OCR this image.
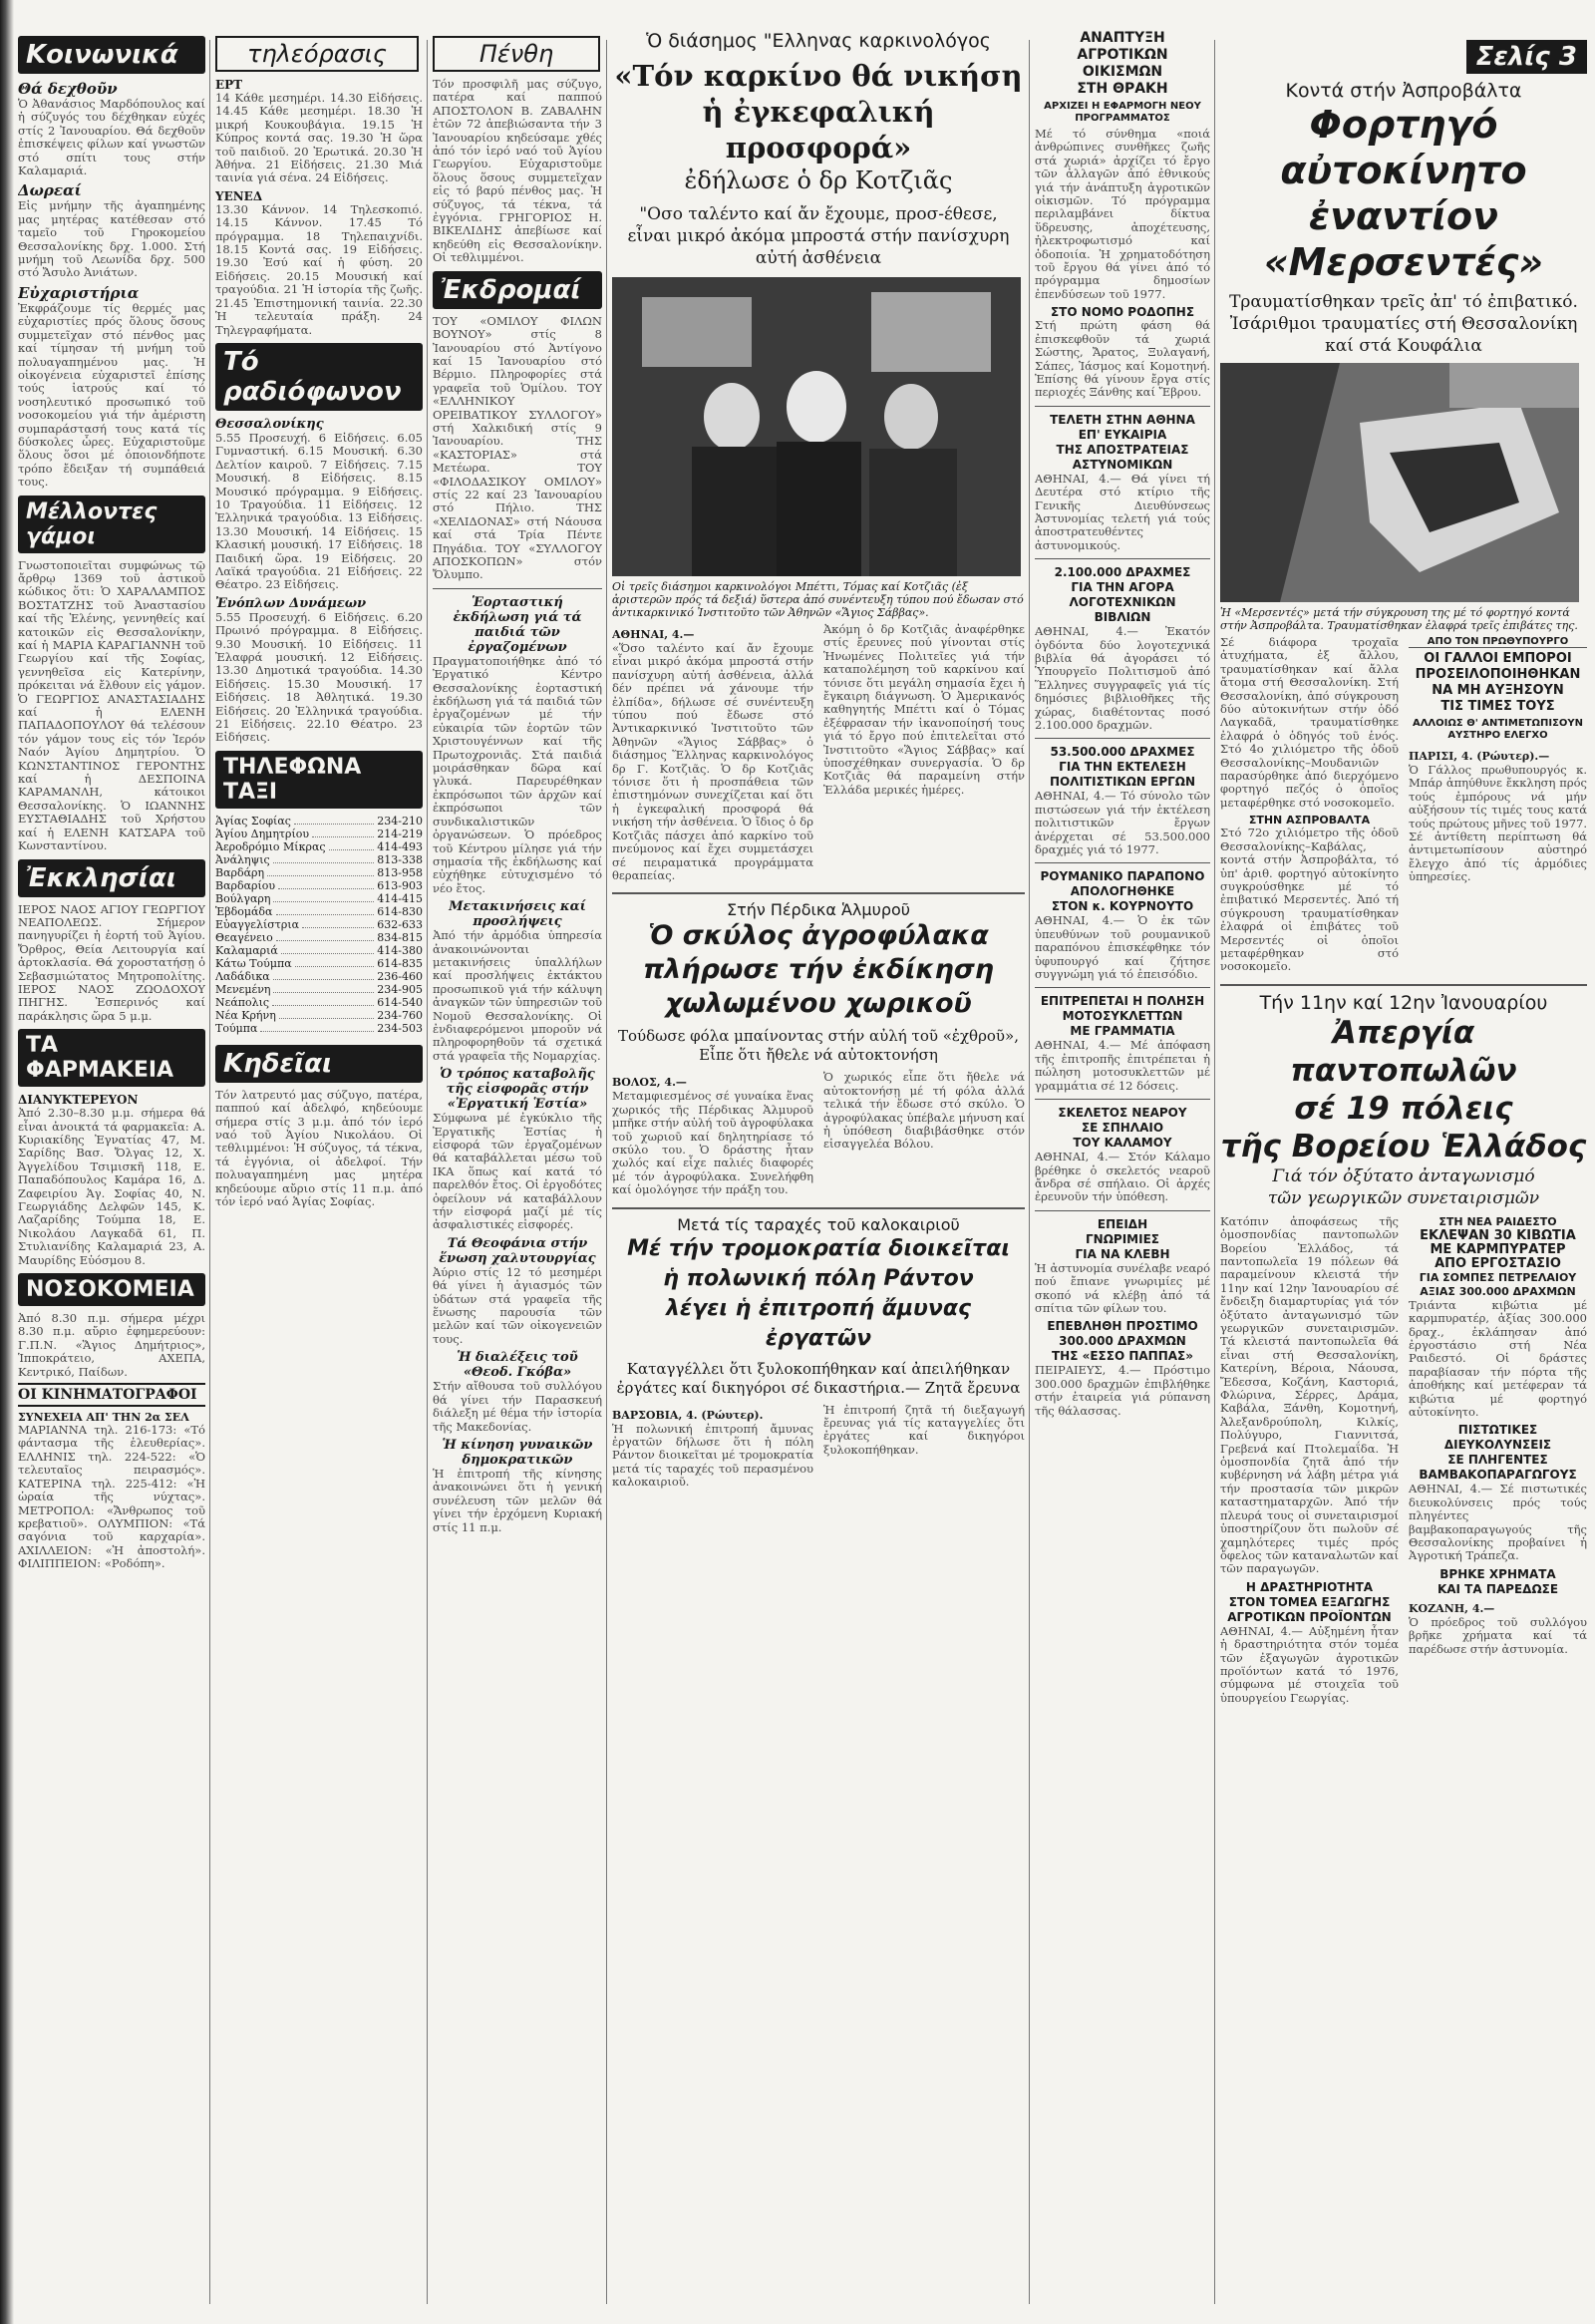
Κοινωνικά
Θά δεχθοῦν

Ὁ Ἀθανάσιος Μαρδόπουλος καί ἡ σύζυγός του δέχθηκαν εὐχές στίς 2 Ἰανουαρίου. Θά δεχθοῦν ἐπισκέψεις φίλων καί γνωστῶν στό σπίτι τους στήν Καλαμαριά.

Δωρεαί

Εἰς μνήμην τῆς ἀγαπημένης μας μητέρας κατέθεσαν στό ταμεῖο τοῦ Γηροκομείου Θεσσαλονίκης δρχ. 1.000. Στή μνήμη τοῦ Λεωνίδα δρχ. 500 στό Ἄσυλο Ἀνιάτων.

Εὐχαριστήρια

Ἐκφράζουμε τίς θερμές μας εὐχαριστίες πρός ὅλους ὅσους συμμετεῖχαν στό πένθος μας καί τίμησαν τή μνήμη τοῦ πολυαγαπημένου μας. Ἡ οἰκογένεια εὐχαριστεῖ ἐπίσης τούς ἰατρούς καί τό νοσηλευτικό προσωπικό τοῦ νοσοκομείου γιά τήν ἀμέριστη συμπαράστασή τους κατά τίς δύσκολες ὧρες. Εὐχαριστοῦμε ὅλους ὅσοι μέ ὁποιονδήποτε τρόπο ἔδειξαν τή συμπάθειά τους.

Μέλλοντες γάμοι

Γνωστοποιεῖται συμφώνως τῷ ἄρθρῳ 1369 τοῦ ἀστικοῦ κώδικος ὅτι: Ὁ ΧΑΡΑΛΑΜΠΟΣ ΒΟΣΤΑΤΖΗΣ τοῦ Ἀναστασίου καί τῆς Ἑλένης, γεννηθείς καί κατοικῶν εἰς Θεσσαλονίκην, καί ἡ ΜΑΡΙΑ ΚΑΡΑΓΙΑΝΝΗ τοῦ Γεωργίου καί τῆς Σοφίας, γεννηθεῖσα εἰς Κατερίνην, πρόκειται νά ἔλθουν εἰς γάμον. Ὁ ΓΕΩΡΓΙΟΣ ΑΝΑΣΤΑΣΙΑΔΗΣ καί ἡ ΕΛΕΝΗ ΠΑΠΑΔΟΠΟΥΛΟΥ θά τελέσουν τόν γάμον τους εἰς τόν Ἱερόν Ναόν Ἁγίου Δημητρίου. Ὁ ΚΩΝΣΤΑΝΤΙΝΟΣ ΓΕΡΟΝΤΗΣ καί ἡ ΔΕΣΠΟΙΝΑ ΚΑΡΑΜΑΝΛΗ, κάτοικοι Θεσσαλονίκης. Ὁ ΙΩΑΝΝΗΣ ΕΥΣΤΑΘΙΑΔΗΣ τοῦ Χρήστου καί ἡ ΕΛΕΝΗ ΚΑΤΣΑΡΑ τοῦ Κωνσταντίνου.

Ἐκκλησίαι

ΙΕΡΟΣ ΝΑΟΣ ΑΓΙΟΥ ΓΕΩΡΓΙΟΥ ΝΕΑΠΟΛΕΩΣ. Σήμερον πανηγυρίζει ἡ ἑορτή τοῦ Ἁγίου. Ὄρθρος, Θεία Λειτουργία καί ἀρτοκλασία. Θά χοροστατήσῃ ὁ Σεβασμιώτατος Μητροπολίτης. ΙΕΡΟΣ ΝΑΟΣ ΖΩΟΔΟΧΟΥ ΠΗΓΗΣ. Ἐσπερινός καί παράκλησις ὥρα 5 μ.μ.

ΤΑ ΦΑΡΜΑΚΕΙΑ
ΔΙΑΝΥΚΤΕΡΕΥΟΝ

Ἀπό 2.30–8.30 μ.μ. σήμερα θά εἶναι ἀνοικτά τά φαρμακεῖα: Α. Κυριακίδης Ἐγνατίας 47, Μ. Σαρίδης Βασ. Ὄλγας 12, Χ. Ἀγγελίδου Τσιμισκῆ 118, Ε. Παπαδόπουλος Καμάρα 16, Δ. Ζαφειρίου Ἁγ. Σοφίας 40, Ν. Γεωργιάδης Δελφῶν 145, Κ. Λαζαρίδης Τούμπα 18, Ε. Νικολάου Λαγκαδᾶ 61, Π. Στυλιανίδης Καλαμαριά 23, Α. Μαυρίδης Εὐόσμου 8.

ΝΟΣΟΚΟΜΕΙΑ

Ἀπό 8.30 π.μ. σήμερα μέχρι 8.30 π.μ. αὔριο ἐφημερεύουν: Γ.Π.Ν. «Ἅγιος Δημήτριος», Ἱπποκράτειο, ΑΧΕΠΑ, Κεντρικό, Παίδων.

ΟΙ ΚΙΝΗΜΑΤΟΓΡΑΦΟΙ
ΣΥΝΕΧΕΙΑ ΑΠ' ΤΗΝ 2α ΣΕΛ

ΜΑΡΙΑΝΝΑ τηλ. 216-173: «Τό φάντασμα τῆς ἐλευθερίας». ΕΛΛΗΝΙΣ τηλ. 224-522: «Ὁ τελευταῖος πειρασμός». ΚΑΤΕΡΙΝΑ τηλ. 225-412: «Ἡ ὡραία τῆς νύχτας». ΜΕΤΡΟΠΟΛ: «Ἄνθρωπος τοῦ κρεβατιοῦ». ΟΛΥΜΠΙΟΝ: «Τά σαγόνια τοῦ καρχαρία». ΑΧΙΛΛΕΙΟΝ: «Ἡ ἀποστολή». ΦΙΛΙΠΠΕΙΟΝ: «Ροδόπη».

τηλεόρασις
ΕΡΤ

14 Κάθε μεσημέρι. 14.30 Εἰδήσεις. 14.45 Κάθε μεσημέρι. 18.30 Ἡ μικρή Κουκουβάγια. 19.15 Ἡ Κύπρος κοντά σας. 19.30 Ἡ ὥρα τοῦ παιδιοῦ. 20 Ἐρωτικά. 20.30 Ἡ Ἀθήνα. 21 Εἰδήσεις. 21.30 Μιά ταινία γιά σένα. 24 Εἰδήσεις.

ΥΕΝΕΔ

13.30 Κάννον. 14 Τηλεσκοπιό. 14.15 Κάννον. 17.45 Τό πρόγραμμα. 18 Τηλεπαιχνίδι. 18.15 Κοντά σας. 19 Εἰδήσεις. 19.30 Ἐσύ καί ἡ φύση. 20 Εἰδήσεις. 20.15 Μουσική καί τραγούδια. 21 Ἡ ἱστορία τῆς ζωῆς. 21.45 Ἐπιστημονική ταινία. 22.30 Ἡ τελευταία πράξη. 24 Τηλεγραφήματα.

Τό ραδιόφωνον
Θεσσαλονίκης

5.55 Προσευχή. 6 Εἰδήσεις. 6.05 Γυμναστική. 6.15 Μουσική. 6.30 Δελτίον καιροῦ. 7 Εἰδήσεις. 7.15 Μουσική. 8 Εἰδήσεις. 8.15 Μουσικό πρόγραμμα. 9 Εἰδήσεις. 10 Τραγούδια. 11 Εἰδήσεις. 12 Ἐλληνικά τραγούδια. 13 Εἰδήσεις. 13.30 Μουσική. 14 Εἰδήσεις. 15 Κλασική μουσική. 17 Εἰδήσεις. 18 Παιδική ὥρα. 19 Εἰδήσεις. 20 Λαϊκά τραγούδια. 21 Εἰδήσεις. 22 Θέατρο. 23 Εἰδήσεις.

Ἐνόπλων Δυνάμεων

5.55 Προσευχή. 6 Εἰδήσεις. 6.20 Πρωινό πρόγραμμα. 8 Εἰδήσεις. 9.30 Μουσική. 10 Εἰδήσεις. 11 Ἐλαφρά μουσική. 12 Εἰδήσεις. 13.30 Δημοτικά τραγούδια. 14.30 Εἰδήσεις. 15.30 Μουσική. 17 Εἰδήσεις. 18 Ἀθλητικά. 19.30 Εἰδήσεις. 20 Ἐλληνικά τραγούδια. 21 Εἰδήσεις. 22.10 Θέατρο. 23 Εἰδήσεις.

ΤΗΛΕΦΩΝΑ ΤΑΞΙ
Ἁγίας Σοφίας	234-210
Ἁγίου Δημητρίου	214-219
Ἀεροδρόμιο Μίκρας	414-493
Ἀνάληψις	813-338
Βαρδάρη	813-958
Βαρδαρίου	613-903
Βούλγαρη	414-415
Ἑβδομάδα	614-830
Εὐαγγελίστρια	632-633
Θεαγένειο	834-815
Καλαμαριά	414-380
Κάτω Τούμπα	614-835
Λαδάδικα	236-460
Μενεμένη	234-905
Νεάπολις	614-540
Νέα Κρήνη	234-760
Τούμπα	234-503
Κηδεῖαι

Τόν λατρευτό μας σύζυγο, πατέρα, παππού καί ἀδελφό, κηδεύουμε σήμερα στίς 3 μ.μ. ἀπό τόν ἱερό ναό τοῦ Ἁγίου Νικολάου. Οἱ τεθλιμμένοι: Ἡ σύζυγος, τά τέκνα, τά ἐγγόνια, οἱ ἀδελφοί. Τήν πολυαγαπημένη μας μητέρα κηδεύουμε αὔριο στίς 11 π.μ. ἀπό τόν ἱερό ναό Ἁγίας Σοφίας.

Πένθη

Τόν προσφιλῆ μας σύζυγο, πατέρα καί παππού ΑΠΟΣΤΟΛΟΝ Β. ΖΑΒΑΛΗΝ ἐτῶν 72 ἀπεβιώσαντα τήν 3 Ἰανουαρίου κηδεύσαμε χθές ἀπό τόν ἱερό ναό τοῦ Ἁγίου Γεωργίου. Εὐχαριστοῦμε ὅλους ὅσους συμμετεῖχαν εἰς τό βαρύ πένθος μας. Ἡ σύζυγος, τά τέκνα, τά ἐγγόνια. ΓΡΗΓΟΡΙΟΣ Η. ΒΙΚΕΛΙΔΗΣ ἀπεβίωσε καί κηδεύθη εἰς Θεσσαλονίκην. Οἱ τεθλιμμένοι.

Ἐκδρομαί

ΤΟΥ «ΟΜΙΛΟΥ ΦΙΛΩΝ ΒΟΥΝΟΥ» στίς 8 Ἰανουαρίου στό Ἀντίγονο καί 15 Ἰανουαρίου στό Βέρμιο. Πληροφορίες στά γραφεῖα τοῦ Ὁμίλου. ΤΟΥ «ΕΛΛΗΝΙΚΟΥ ΟΡΕΙΒΑΤΙΚΟΥ ΣΥΛΛΟΓΟΥ» στή Χαλκιδική στίς 9 Ἰανουαρίου. ΤΗΣ «ΚΑΣΤΟΡΙΑΣ» στά Μετέωρα. ΤΟΥ «ΦΙΛΟΔΑΣΙΚΟΥ ΟΜΙΛΟΥ» στίς 22 καί 23 Ἰανουαρίου στό Πήλιο. ΤΗΣ «ΧΕΛΙΔΟΝΑΣ» στή Νάουσα καί στά Τρία Πέντε Πηγάδια. ΤΟΥ «ΣΥΛΛΟΓΟΥ ΑΠΟΣΚΟΠΩΝ» στόν Ὄλυμπο.

Ἑορταστική ἐκδήλωση γιά τά παιδιά τῶν ἐργαζομένων

Πραγματοποιήθηκε ἀπό τό Ἐργατικό Κέντρο Θεσσαλονίκης ἑορταστική ἐκδήλωση γιά τά παιδιά τῶν ἐργαζομένων μέ τήν εὐκαιρία τῶν ἑορτῶν τῶν Χριστουγέννων καί τῆς Πρωτοχρονιᾶς. Στά παιδιά μοιράσθηκαν δῶρα καί γλυκά. Παρευρέθηκαν ἐκπρόσωποι τῶν ἀρχῶν καί ἐκπρόσωποι τῶν συνδικαλιστικῶν ὀργανώσεων. Ὁ πρόεδρος τοῦ Κέντρου μίλησε γιά τήν σημασία τῆς ἐκδήλωσης καί εὐχήθηκε εὐτυχισμένο τό νέο ἔτος.

Μετακινήσεις καί προσλήψεις

Ἀπό τήν ἁρμόδια ὑπηρεσία ἀνακοινώνονται μετακινήσεις ὑπαλλήλων καί προσλήψεις ἐκτάκτου προσωπικοῦ γιά τήν κάλυψη ἀναγκῶν τῶν ὑπηρεσιῶν τοῦ Νομοῦ Θεσσαλονίκης. Οἱ ἐνδιαφερόμενοι μποροῦν νά πληροφορηθοῦν τά σχετικά στά γραφεῖα τῆς Νομαρχίας.

Ὁ τρόπος καταβολῆς τῆς εἰσφορᾶς στήν «Ἐργατική Ἑστία»

Σύμφωνα μέ ἐγκύκλιο τῆς Ἐργατικῆς Ἑστίας ἡ εἰσφορά τῶν ἐργαζομένων θά καταβάλλεται μέσω τοῦ ΙΚΑ ὅπως καί κατά τό παρελθόν ἔτος. Οἱ ἐργοδότες ὀφείλουν νά καταβάλλουν τήν εἰσφορά μαζί μέ τίς ἀσφαλιστικές εἰσφορές.

Τά Θεοφάνια στήν ἕνωση χαλυτουργίας

Ἀύριο στίς 12 τό μεσημέρι θά γίνει ἡ ἁγιασμός τῶν ὑδάτων στά γραφεῖα τῆς ἕνωσης παρουσία τῶν μελῶν καί τῶν οἰκογενειῶν τους.

Ἡ διαλέξεις τοῦ «Θεοδ. Γκόβα»

Στήν αἴθουσα τοῦ συλλόγου θά γίνει τήν Παρασκευή διάλεξη μέ θέμα τήν ἱστορία τῆς Μακεδονίας.

Ἡ κίνηση γυναικῶν δημοκρατικῶν

Ἡ ἐπιτροπή τῆς κίνησης ἀνακοινώνει ὅτι ἡ γενική συνέλευση τῶν μελῶν θά γίνει τήν ἐρχόμενη Κυριακή στίς 11 π.μ.

Ὁ διάσημος "Ελληνας καρκινολόγος
«Τόν καρκίνο θά νικήση
ἡ ἐγκεφαλική προσφορά»
ἐδήλωσε ὁ δρ Κοτζιᾶς
"Οσο ταλέντο καί ἄν ἔχουμε, προσ-έθεσε, εἶναι μικρό ἀκόμα μπροστά στήν πανίσχυρη αὐτή ἀσθένεια
Οἱ τρεῖς διάσημοι καρκινολόγοι Μπέττι, Τόμας καί Κοτζιᾶς (ἐξ ἀριστερῶν πρός τά δεξιά) ὕστερα ἀπό συνέντευξη τύπου πού ἔδωσαν στό ἀντικαρκινικό Ἰνστιτοῦτο τῶν Ἀθηνῶν «Ἅγιος Σάββας».
ΑΘΗΝΑΙ, 4.—

«Ὅσο ταλέντο καί ἄν ἔχουμε εἶναι μικρό ἀκόμα μπροστά στήν πανίσχυρη αὐτή ἀσθένεια, ἀλλά δέν πρέπει νά χάνουμε τήν ἐλπίδα», δήλωσε σέ συνέντευξη τύπου πού ἔδωσε στό Ἀντικαρκινικό Ἰνστιτοῦτο τῶν Ἀθηνῶν «Ἅγιος Σάββας» ὁ διάσημος Ἕλληνας καρκινολόγος δρ Γ. Κοτζιᾶς. Ὁ δρ Κοτζιᾶς τόνισε ὅτι ἡ προσπάθεια τῶν ἐπιστημόνων συνεχίζεται καί ὅτι ἡ ἐγκεφαλική προσφορά θά νικήση τήν ἀσθένεια. Ὁ ἴδιος ὁ δρ Κοτζιᾶς πάσχει ἀπό καρκίνο τοῦ πνεύμονος καί ἔχει συμμετάσχει σέ πειραματικά προγράμματα θεραπείας.

Ἀκόμη ὁ δρ Κοτζιᾶς ἀναφέρθηκε στίς ἔρευνες πού γίνονται στίς Ἡνωμένες Πολιτεῖες γιά τήν καταπολέμηση τοῦ καρκίνου καί τόνισε ὅτι μεγάλη σημασία ἔχει ἡ ἔγκαιρη διάγνωση. Ὁ Ἀμερικανός καθηγητής Μπέττι καί ὁ Τόμας ἐξέφρασαν τήν ἱκανοποίησή τους γιά τό ἔργο πού ἐπιτελεῖται στό Ἰνστιτοῦτο «Ἅγιος Σάββας» καί ὑποσχέθηκαν συνεργασία. Ὁ δρ Κοτζιᾶς θά παραμείνη στήν Ἑλλάδα μερικές ἡμέρες.

Στήν Πέρδικα Ἁλμυροῦ
Ὁ σκύλος ἀγροφύλακα
πλήρωσε τήν ἐκδίκηση
χωλωμένου χωρικοῦ
Τούδωσε φόλα μπαίνοντας στήν αὐλή τοῦ «ἐχθροῦ», Εἶπε ὅτι ἤθελε νά αὐτοκτονήση
ΒΟΛΟΣ, 4.—

Μεταμφιεσμένος σέ γυναίκα ἕνας χωρικός τῆς Πέρδικας Ἁλμυροῦ μπῆκε στήν αὐλή τοῦ ἀγροφύλακα τοῦ χωριοῦ καί δηλητηρίασε τό σκύλο του. Ὁ δράστης ἦταν χωλός καί εἶχε παλιές διαφορές μέ τόν ἀγροφύλακα. Συνελήφθη καί ὁμολόγησε τήν πράξη του.

Ὁ χωρικός εἶπε ὅτι ἤθελε νά αὐτοκτονήσῃ μέ τή φόλα ἀλλά τελικά τήν ἔδωσε στό σκύλο. Ὁ ἀγροφύλακας ὑπέβαλε μήνυση καί ἡ ὑπόθεση διαβιβάσθηκε στόν εἰσαγγελέα Βόλου.

Μετά τίς ταραχές τοῦ καλοκαιριοῦ
Μέ τήν τρομοκρατία διοικεῖται
ἡ πολωνική πόλη Ράντον
λέγει ἡ ἐπιτροπή ἄμυνας ἐργατῶν
Καταγγέλλει ὅτι ξυλοκοπήθηκαν καί ἀπειλήθηκαν ἐργάτες καί δικηγόροι σέ δικαστήρια.— Ζητᾶ ἔρευνα
ΒΑΡΣΟΒΙΑ, 4. (Ρώυτερ).

Ἡ πολωνική ἐπιτροπή ἄμυνας ἐργατῶν δήλωσε ὅτι ἡ πόλη Ράντον διοικεῖται μέ τρομοκρατία μετά τίς ταραχές τοῦ περασμένου καλοκαιριοῦ.

Ἡ ἐπιτροπή ζητᾶ τή διεξαγωγή ἔρευνας γιά τίς καταγγελίες ὅτι ἐργάτες καί δικηγόροι ξυλοκοπήθηκαν.

ΑΝΑΠΤΥΞΗ
ΑΓΡΟΤΙΚΩΝ
ΟΙΚΙΣΜΩΝ
ΣΤΗ ΘΡΑΚΗ
ΑΡΧΙΖΕΙ Η ΕΦΑΡΜΟΓΗ ΝΕΟΥ ΠΡΟΓΡΑΜΜΑΤΟΣ

Μέ τό σύνθημα «ποιά ἀνθρώπινες συνθῆκες ζωῆς στά χωριά» ἀρχίζει τό ἔργο τῶν ἀλλαγῶν ἀπό ἐθνικούς γιά τήν ἀνάπτυξη ἀγροτικῶν οἰκισμῶν. Τό πρόγραμμα περιλαμβάνει δίκτυα ὕδρευσης, ἀποχέτευσης, ἡλεκτροφωτισμό καί ὁδοποιία. Ἡ χρηματοδότηση τοῦ ἔργου θά γίνει ἀπό τό πρόγραμμα δημοσίων ἐπενδύσεων τοῦ 1977.

ΣΤΟ ΝΟΜΟ ΡΟΔΟΠΗΣ

Στή πρώτη φάση θά ἐπισκεφθοῦν τά χωριά Σώστης, Ἄρατος, Ξυλαγανή, Σάπες, Ἰάσμος καί Κομοτηνή. Ἐπίσης θά γίνουν ἔργα στίς περιοχές Ξάνθης καί Ἔβρου.

ΤΕΛΕΤΗ ΣΤΗΝ ΑΘΗΝΑ
ΕΠ' ΕΥΚΑΙΡΙΑ
ΤΗΣ ΑΠΟΣΤΡΑΤΕΙΑΣ
ΑΣΤΥΝΟΜΙΚΩΝ

ΑΘΗΝΑΙ, 4.— Θά γίνει τή Δευτέρα στό κτίριο τῆς Γενικῆς Διευθύνσεως Ἀστυνομίας τελετή γιά τούς ἀποστρατευθέντες ἀστυνομικούς.

2.100.000 ΔΡΑΧΜΕΣ
ΓΙΑ ΤΗΝ ΑΓΟΡΑ
ΛΟΓΟΤΕΧΝΙΚΩΝ
ΒΙΒΛΙΩΝ

ΑΘΗΝΑΙ, 4.— Ἐκατόν ὀγδόντα δύο λογοτεχνικά βιβλία θά ἀγοράσει τό Ὑπουργεῖο Πολιτισμοῦ ἀπό Ἕλληνες συγγραφεῖς γιά τίς δημόσιες βιβλιοθῆκες τῆς χώρας, διαθέτοντας ποσό 2.100.000 δραχμῶν.

53.500.000 ΔΡΑΧΜΕΣ
ΓΙΑ ΤΗΝ ΕΚΤΕΛΕΣΗ
ΠΟΛΙΤΙΣΤΙΚΩΝ ΕΡΓΩΝ

ΑΘΗΝΑΙ, 4.— Τό σύνολο τῶν πιστώσεων γιά τήν ἐκτέλεση πολιτιστικῶν ἔργων ἀνέρχεται σέ 53.500.000 δραχμές γιά τό 1977.

ΡΟΥΜΑΝΙΚΟ ΠΑΡΑΠΟΝΟ
ΑΠΟΛΟΓΗΘΗΚΕ
ΣΤΟΝ κ. ΚΟΥΡΝΟΥΤΟ

ΑΘΗΝΑΙ, 4.— Ὁ ἐκ τῶν ὑπευθύνων τοῦ ρουμανικοῦ παραπόνου ἐπισκέφθηκε τόν ὑφυπουργό καί ζήτησε συγγνώμη γιά τό ἐπεισόδιο.

ΕΠΙΤΡΕΠΕΤΑΙ Η ΠΟΛΗΣΗ
ΜΟΤΟΣΥΚΛΕΤΤΩΝ
ΜΕ ΓΡΑΜΜΑΤΙΑ

ΑΘΗΝΑΙ, 4.— Μέ ἀπόφαση τῆς ἐπιτροπῆς ἐπιτρέπεται ἡ πώληση μοτοσυκλεττῶν μέ γραμμάτια σέ 12 δόσεις.

ΣΚΕΛΕΤΟΣ ΝΕΑΡΟΥ
ΣΕ ΣΠΗΛΑΙΟ
ΤΟΥ ΚΑΛΑΜΟΥ

ΑΘΗΝΑΙ, 4.— Στόν Κάλαμο βρέθηκε ὁ σκελετός νεαροῦ ἄνδρα σέ σπήλαιο. Οἱ ἀρχές ἐρευνοῦν τήν ὑπόθεση.

ΕΠΕΙΔΗ
ΓΝΩΡΙΜΙΕΣ
ΓΙΑ ΝΑ ΚΛΕΒΗ

Ἡ ἀστυνομία συνέλαβε νεαρό πού ἔπιανε γνωριμίες μέ σκοπό νά κλέβῃ ἀπό τά σπίτια τῶν φίλων του.

ΕΠΕΒΛΗΘΗ ΠΡΟΣΤΙΜΟ
300.000 ΔΡΑΧΜΩΝ
ΤΗΣ «ΕΣΣΟ ΠΑΠΠΑΣ»

ΠΕΙΡΑΙΕΥΣ, 4.— Πρόστιμο 300.000 δραχμῶν ἐπιβλήθηκε στήν ἑταιρεία γιά ρύπανση τῆς θάλασσας.

Σελίς 3
Κοντά στήν Ἀσπροβάλτα
Φορτηγό αὐτοκίνητο
ἐναντίον «Μερσεντές»
Τραυματίσθηκαν τρεῖς ἀπ' τό ἐπιβατικό. Ἰσάριθμοι τραυματίες στή Θεσσαλονίκη καί στά Κουφάλια
Ἡ «Μερσεντές» μετά τήν σύγκρουση της μέ τό φορτηγό κοντά στήν Ἀσπροβάλτα. Τραυματίσθηκαν ἐλαφρά τρεῖς ἐπιβάτες της.

Σέ διάφορα τροχαῖα ἀτυχήματα, ἐξ ἄλλου, τραυματίσθηκαν καί ἄλλα ἄτομα στή Θεσσαλονίκη. Στή Θεσσαλονίκη, ἀπό σύγκρουση δύο αὐτοκινήτων στήν ὁδό Λαγκαδᾶ, τραυματίσθηκε ἐλαφρά ὁ ὁδηγός τοῦ ἑνός. Στό 4ο χιλιόμετρο τῆς ὁδοῦ Θεσσαλονίκης–Μουδανιῶν παρασύρθηκε ἀπό διερχόμενο φορτηγό πεζός ὁ ὁποῖος μεταφέρθηκε στό νοσοκομεῖο.

ΣΤΗΝ ΑΣΠΡΟΒΑΛΤΑ

Στό 72ο χιλιόμετρο τῆς ὁδοῦ Θεσσαλονίκης–Καβάλας, κοντά στήν Ἀσπροβάλτα, τό ὑπ' ἀριθ. φορτηγό αὐτοκίνητο συγκρούσθηκε μέ τό ἐπιβατικό Μερσεντές. Ἀπό τή σύγκρουση τραυματίσθηκαν ἐλαφρά οἱ ἐπιβάτες τοῦ Μερσεντές οἱ ὁποῖοι μεταφέρθηκαν στό νοσοκομεῖο.

ΑΠΟ ΤΟΝ ΠΡΩΘΥΠΟΥΡΓΟ
ΟΙ ΓΑΛΛΟΙ ΕΜΠΟΡΟΙ
ΠΡΟΣΕΙΛΟΠΟΙΗΘΗΚΑΝ
ΝΑ ΜΗ ΑΥΞΗΣΟΥΝ
ΤΙΣ ΤΙΜΕΣ ΤΟΥΣ
ΑΛΛΟΙΩΣ Θ' ΑΝΤΙΜΕΤΩΠΙΣΟΥΝ ΑΥΣΤΗΡΟ ΕΛΕΓΧΟ
ΠΑΡΙΣΙ, 4. (Ρώυτερ).—

Ὁ Γάλλος πρωθυπουργός κ. Μπάρ ἀπηύθυνε ἔκκληση πρός τούς ἐμπόρους νά μήν αὐξήσουν τίς τιμές τους κατά τούς πρώτους μῆνες τοῦ 1977. Σέ ἀντίθετη περίπτωση θά ἀντιμετωπίσουν αὐστηρό ἔλεγχο ἀπό τίς ἁρμόδιες ὑπηρεσίες.

Τήν 11ην καί 12ην Ἰανουαρίου
Ἀπεργία παντοπωλῶν
σέ 19 πόλεις
τῆς Βορείου Ἑλλάδος
Γιά τόν ὀξύτατο ἀνταγωνισμό
τῶν γεωργικῶν συνεταιρισμῶν

Κατόπιν ἀποφάσεως τῆς ὁμοσπονδίας παντοπωλῶν Βορείου Ἑλλάδος, τά παντοπωλεῖα 19 πόλεων θά παραμείνουν κλειστά τήν 11ην καί 12ην Ἰανουαρίου σέ ἔνδειξη διαμαρτυρίας γιά τόν ὀξύτατο ἀνταγωνισμό τῶν γεωργικῶν συνεταιρισμῶν. Τά κλειστά παντοπωλεῖα θά εἶναι στή Θεσσαλονίκη, Κατερίνη, Βέροια, Νάουσα, Ἔδεσσα, Κοζάνη, Καστοριά, Φλώρινα, Σέρρες, Δράμα, Καβάλα, Ξάνθη, Κομοτηνή, Ἀλεξανδρούπολη, Κιλκίς, Πολύγυρο, Γιαννιτσά, Γρεβενά καί Πτολεμαΐδα. Ἡ ὁμοσπονδία ζητᾶ ἀπό τήν κυβέρνηση νά λάβη μέτρα γιά τήν προστασία τῶν μικρῶν καταστηματαρχῶν. Ἀπό τήν πλευρά τους οἱ συνεταιρισμοί ὑποστηρίζουν ὅτι πωλοῦν σέ χαμηλότερες τιμές πρός ὄφελος τῶν καταναλωτῶν καί τῶν παραγωγῶν.

Η ΔΡΑΣΤΗΡΙΟΤΗΤΑ
ΣΤΟΝ ΤΟΜΕΑ ΕΞΑΓΩΓΗΣ
ΑΓΡΟΤΙΚΩΝ ΠΡΟΪΟΝΤΩΝ

ΑΘΗΝΑΙ, 4.— Αὐξημένη ἦταν ἡ δραστηριότητα στόν τομέα τῶν ἐξαγωγῶν ἀγροτικῶν προϊόντων κατά τό 1976, σύμφωνα μέ στοιχεῖα τοῦ ὑπουργείου Γεωργίας.

ΣΤΗ ΝΕΑ ΡΑΙΔΕΣΤΟ
ΕΚΛΕΨΑΝ 30 ΚΙΒΩΤΙΑ
ΜΕ ΚΑΡΜΠΥΡΑΤΕΡ
ΑΠΟ ΕΡΓΟΣΤΑΣΙΟ
ΓΙΑ ΣΟΜΠΕΣ ΠΕΤΡΕΛΑΙΟΥ
ΑΞΙΑΣ 300.000 ΔΡΑΧΜΩΝ

Τριάντα κιβώτια μέ καρμπυρατέρ, ἀξίας 300.000 δραχ., ἐκλάπησαν ἀπό ἐργοστάσιο στή Νέα Ραιδεστό. Οἱ δράστες παραβίασαν τήν πόρτα τῆς ἀποθήκης καί μετέφεραν τά κιβώτια μέ φορτηγό αὐτοκίνητο.

ΠΙΣΤΩΤΙΚΕΣ
ΔΙΕΥΚΟΛΥΝΣΕΙΣ
ΣΕ ΠΛΗΓΕΝΤΕΣ
ΒΑΜΒΑΚΟΠΑΡΑΓΩΓΟΥΣ

ΑΘΗΝΑΙ, 4.— Σέ πιστωτικές διευκολύνσεις πρός τούς πληγέντες βαμβακοπαραγωγούς τῆς Θεσσαλονίκης προβαίνει ἡ Ἀγροτική Τράπεζα.

ΒΡΗΚΕ ΧΡΗΜΑΤΑ
ΚΑΙ ΤΑ ΠΑΡΕΔΩΣΕ
ΚΟΖΑΝΗ, 4.—

Ὁ πρόεδρος τοῦ συλλόγου βρῆκε χρήματα καί τά παρέδωσε στήν ἀστυνομία.
